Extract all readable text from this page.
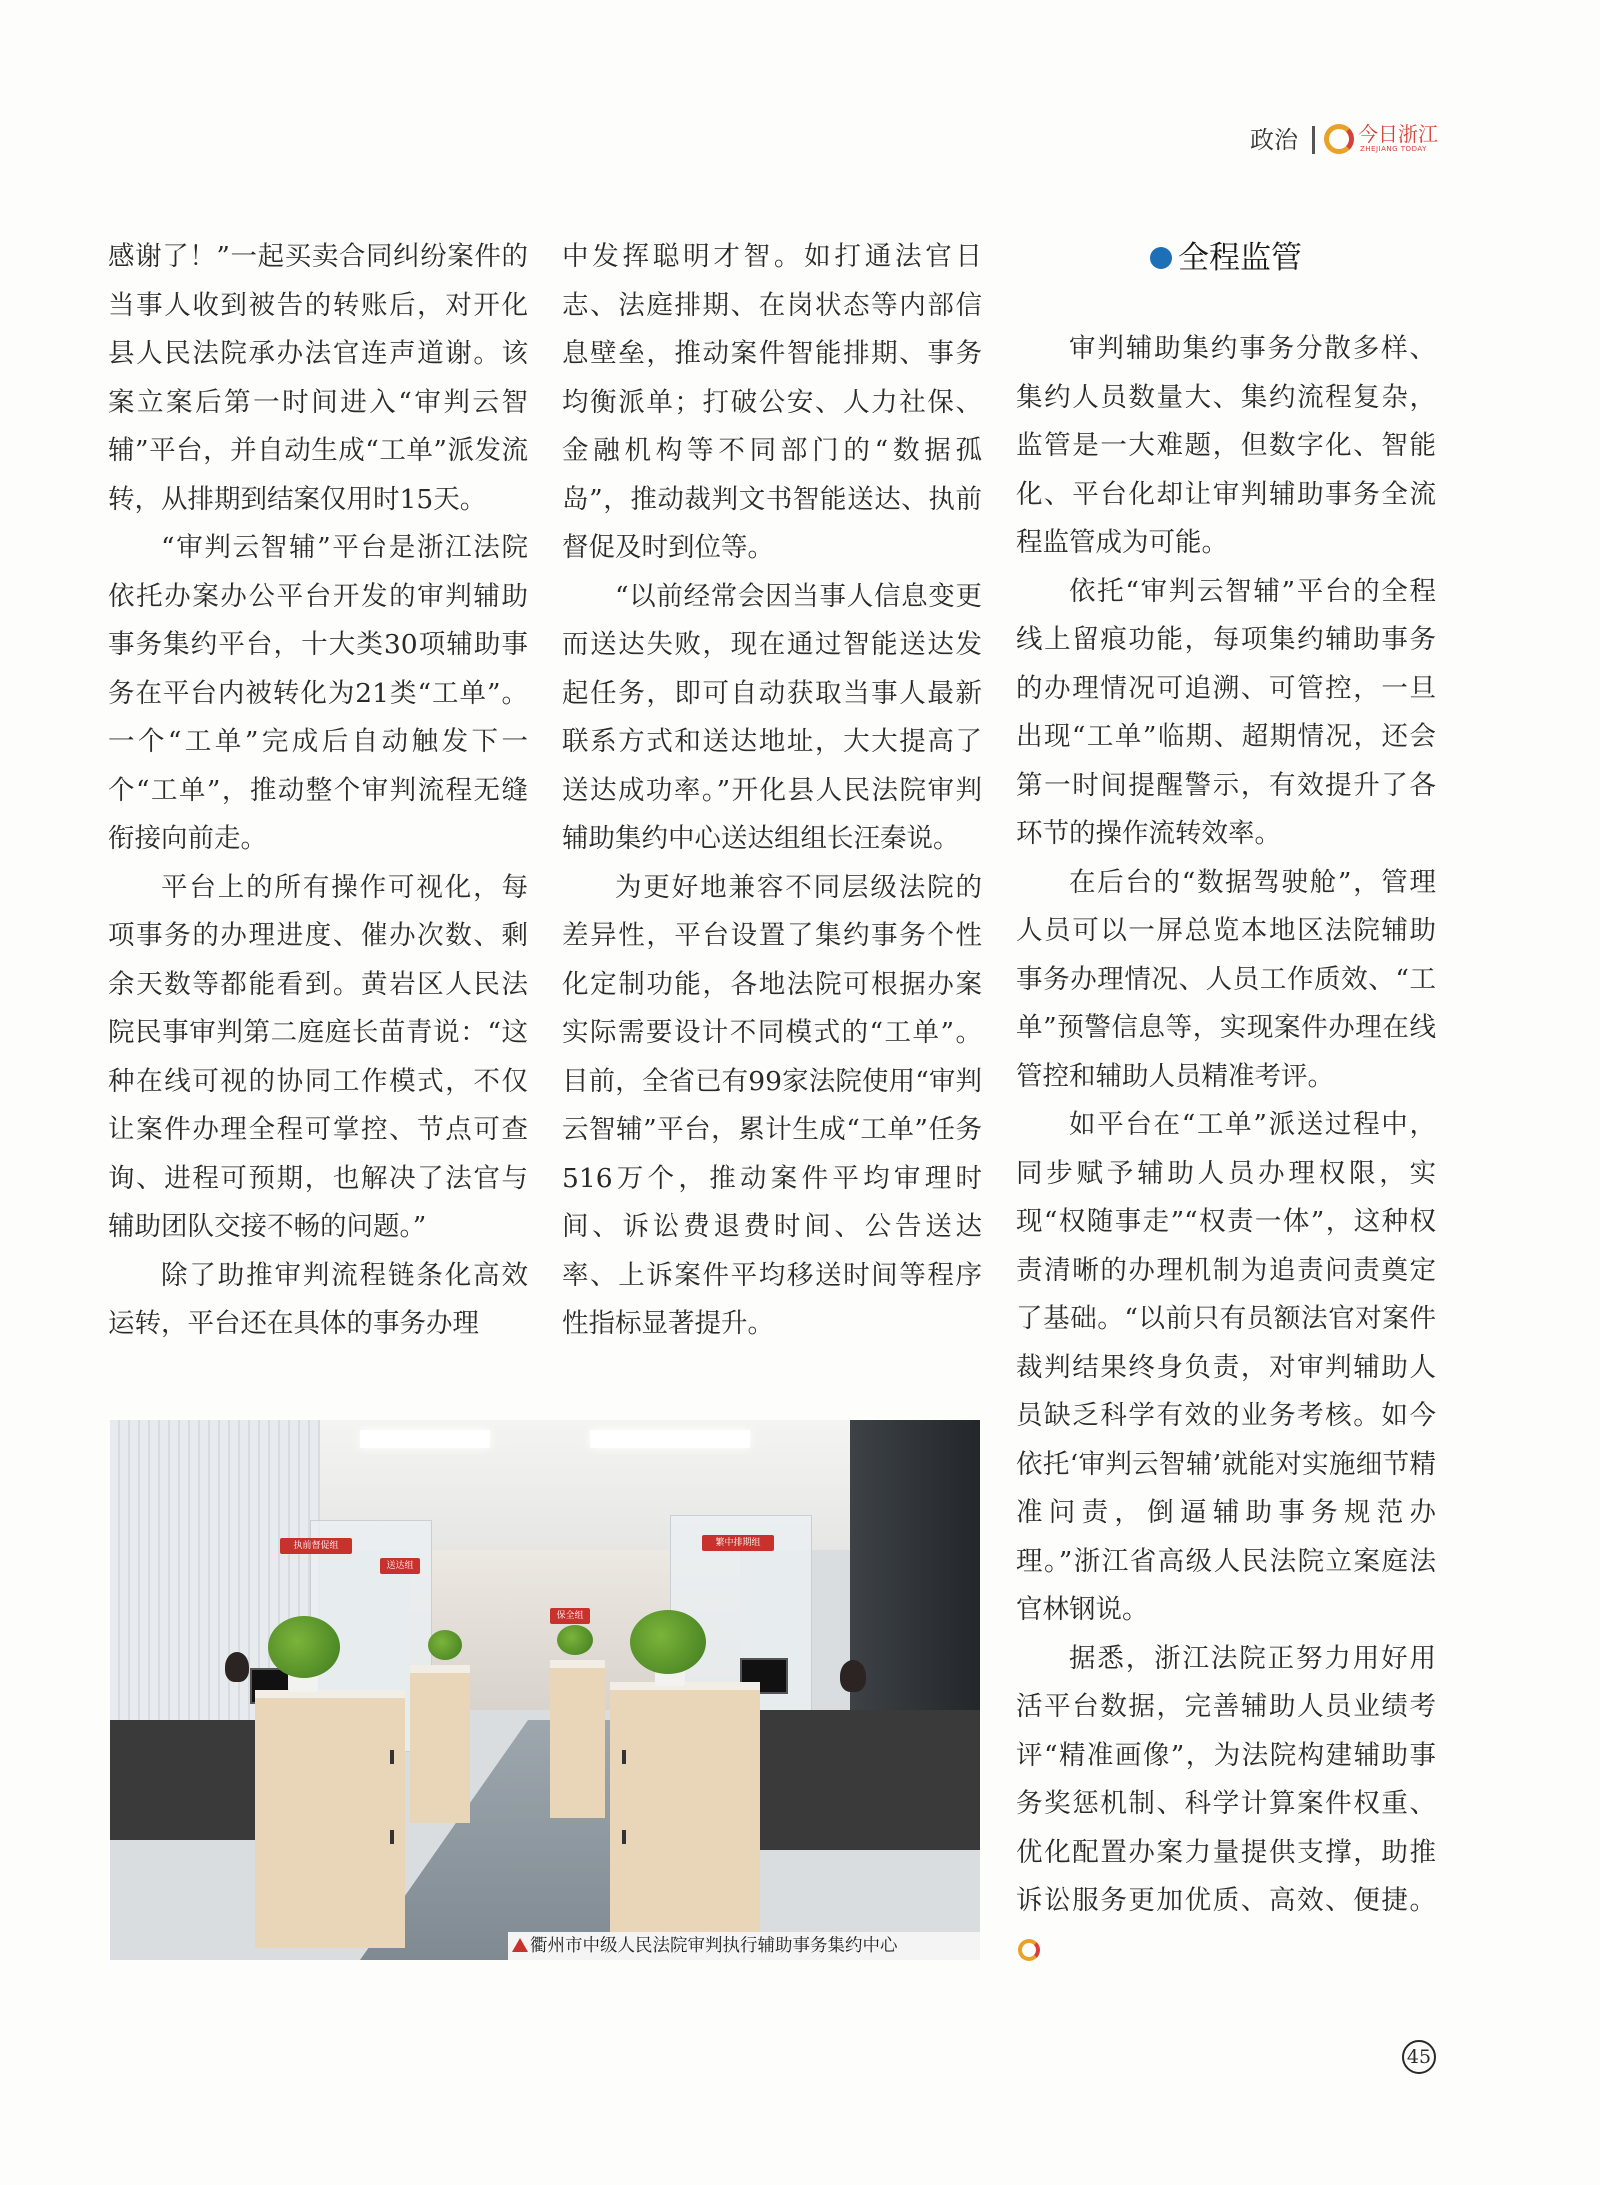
政治	今日浙江
ZHEJIANG TODAY

感谢了！”一起买卖合同纠纷案件的当事人收到被告的转账后，对开化县人民法院承办法官连声道谢。该案立案后第一时间进入“审判云智辅”平台，并自动生成“工单”派发流转，从排期到结案仅用时15天。

“审判云智辅”平台是浙江法院依托办案办公平台开发的审判辅助事务集约平台，十大类30项辅助事务在平台内被转化为21类“工单”。一个“工单”完成后自动触发下一个“工单”，推动整个审判流程无缝衔接向前走。

平台上的所有操作可视化，每项事务的办理进度、催办次数、剩余天数等都能看到。黄岩区人民法院民事审判第二庭庭长苗青说：“这种在线可视的协同工作模式，不仅让案件办理全程可掌控、节点可查询、进程可预期，也解决了法官与辅助团队交接不畅的问题。”

除了助推审判流程链条化高效运转，平台还在具体的事务办理

中发挥聪明才智。如打通法官日志、法庭排期、在岗状态等内部信息壁垒，推动案件智能排期、事务均衡派单；打破公安、人力社保、金融机构等不同部门的“数据孤岛”，推动裁判文书智能送达、执前督促及时到位等。

“以前经常会因当事人信息变更而送达失败，现在通过智能送达发起任务，即可自动获取当事人最新联系方式和送达地址，大大提高了送达成功率。”开化县人民法院审判辅助集约中心送达组组长汪秦说。

为更好地兼容不同层级法院的差异性，平台设置了集约事务个性化定制功能，各地法院可根据办案实际需要设计不同模式的“工单”。目前，全省已有99家法院使用“审判云智辅”平台，累计生成“工单”任务516万个，推动案件平均审理时间、诉讼费退费时间、公告送达率、上诉案件平均移送时间等程序性指标显著提升。

全程监管

审判辅助集约事务分散多样、集约人员数量大、集约流程复杂，监管是一大难题，但数字化、智能化、平台化却让审判辅助事务全流程监管成为可能。

依托“审判云智辅”平台的全程线上留痕功能，每项集约辅助事务的办理情况可追溯、可管控，一旦出现“工单”临期、超期情况，还会第一时间提醒警示，有效提升了各环节的操作流转效率。

在后台的“数据驾驶舱”，管理人员可以一屏总览本地区法院辅助事务办理情况、人员工作质效、“工单”预警信息等，实现案件办理在线管控和辅助人员精准考评。

如平台在“工单”派送过程中，同步赋予辅助人员办理权限，实现“权随事走”“权责一体”，这种权责清晰的办理机制为追责问责奠定了基础。“以前只有员额法官对案件裁判结果终身负责，对审判辅助人员缺乏科学有效的业务考核。如今依托‘审判云智辅’就能对实施细节精准问责，倒逼辅助事务规范办理。”浙江省高级人民法院立案庭法官林钢说。

据悉，浙江法院正努力用好用活平台数据，完善辅助人员业绩考评“精准画像”，为法院构建辅助事务奖惩机制、科学计算案件权重、优化配置办案力量提供支撑，助推诉讼服务更加优质、高效、便捷。

执前督促组
送达组
保全组
繁中排期组
衢州市中级人民法院审判执行辅助事务集约中心
45
